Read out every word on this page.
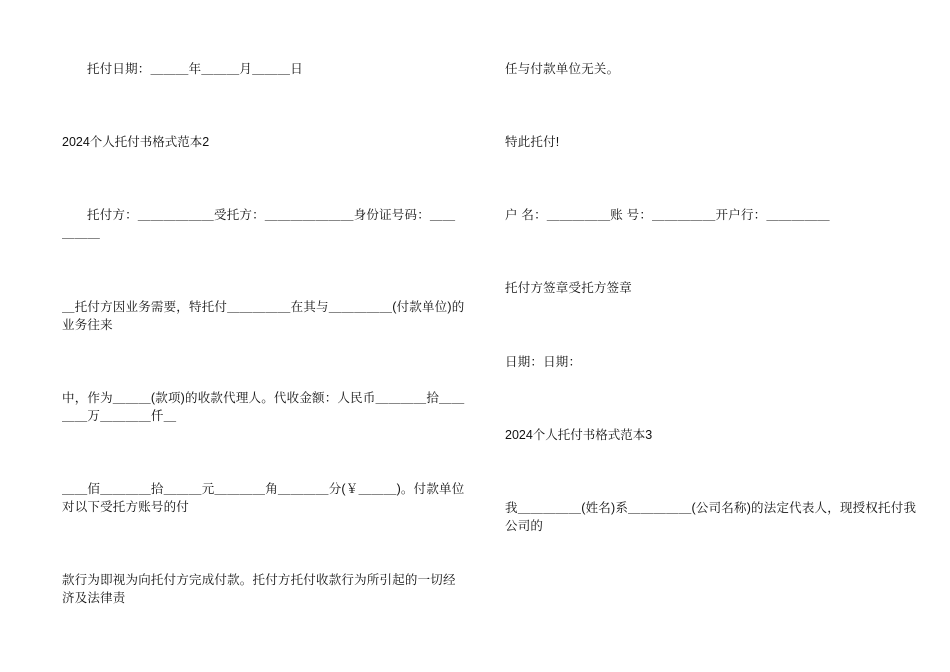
托付日期：＿＿＿年＿＿＿月＿＿＿日
2024个人托付书格式范本2
托付方：＿＿＿＿＿＿受托方：＿＿＿＿＿＿＿身份证号码：＿＿＿＿＿
＿托付方因业务需要，特托付＿＿＿＿＿在其与＿＿＿＿＿(付款单位)的业务往来
中，作为＿＿＿(款项)的收款代理人。代收金额：人民币＿＿＿＿拾＿＿＿＿万＿＿＿＿仟＿
＿＿佰＿＿＿＿拾＿＿＿元＿＿＿＿角＿＿＿＿分(￥＿＿＿)。付款单位对以下受托方账号的付
款行为即视为向托付方完成付款。托付方托付收款行为所引起的一切经济及法律责
任与付款单位无关。
特此托付!
户 名：＿＿＿＿＿账 号：＿＿＿＿＿开户行：＿＿＿＿＿
托付方签章受托方签章
日期：日期：
2024个人托付书格式范本3
我＿＿＿＿＿(姓名)系＿＿＿＿＿(公司名称)的法定代表人，现授权托付我公司的
